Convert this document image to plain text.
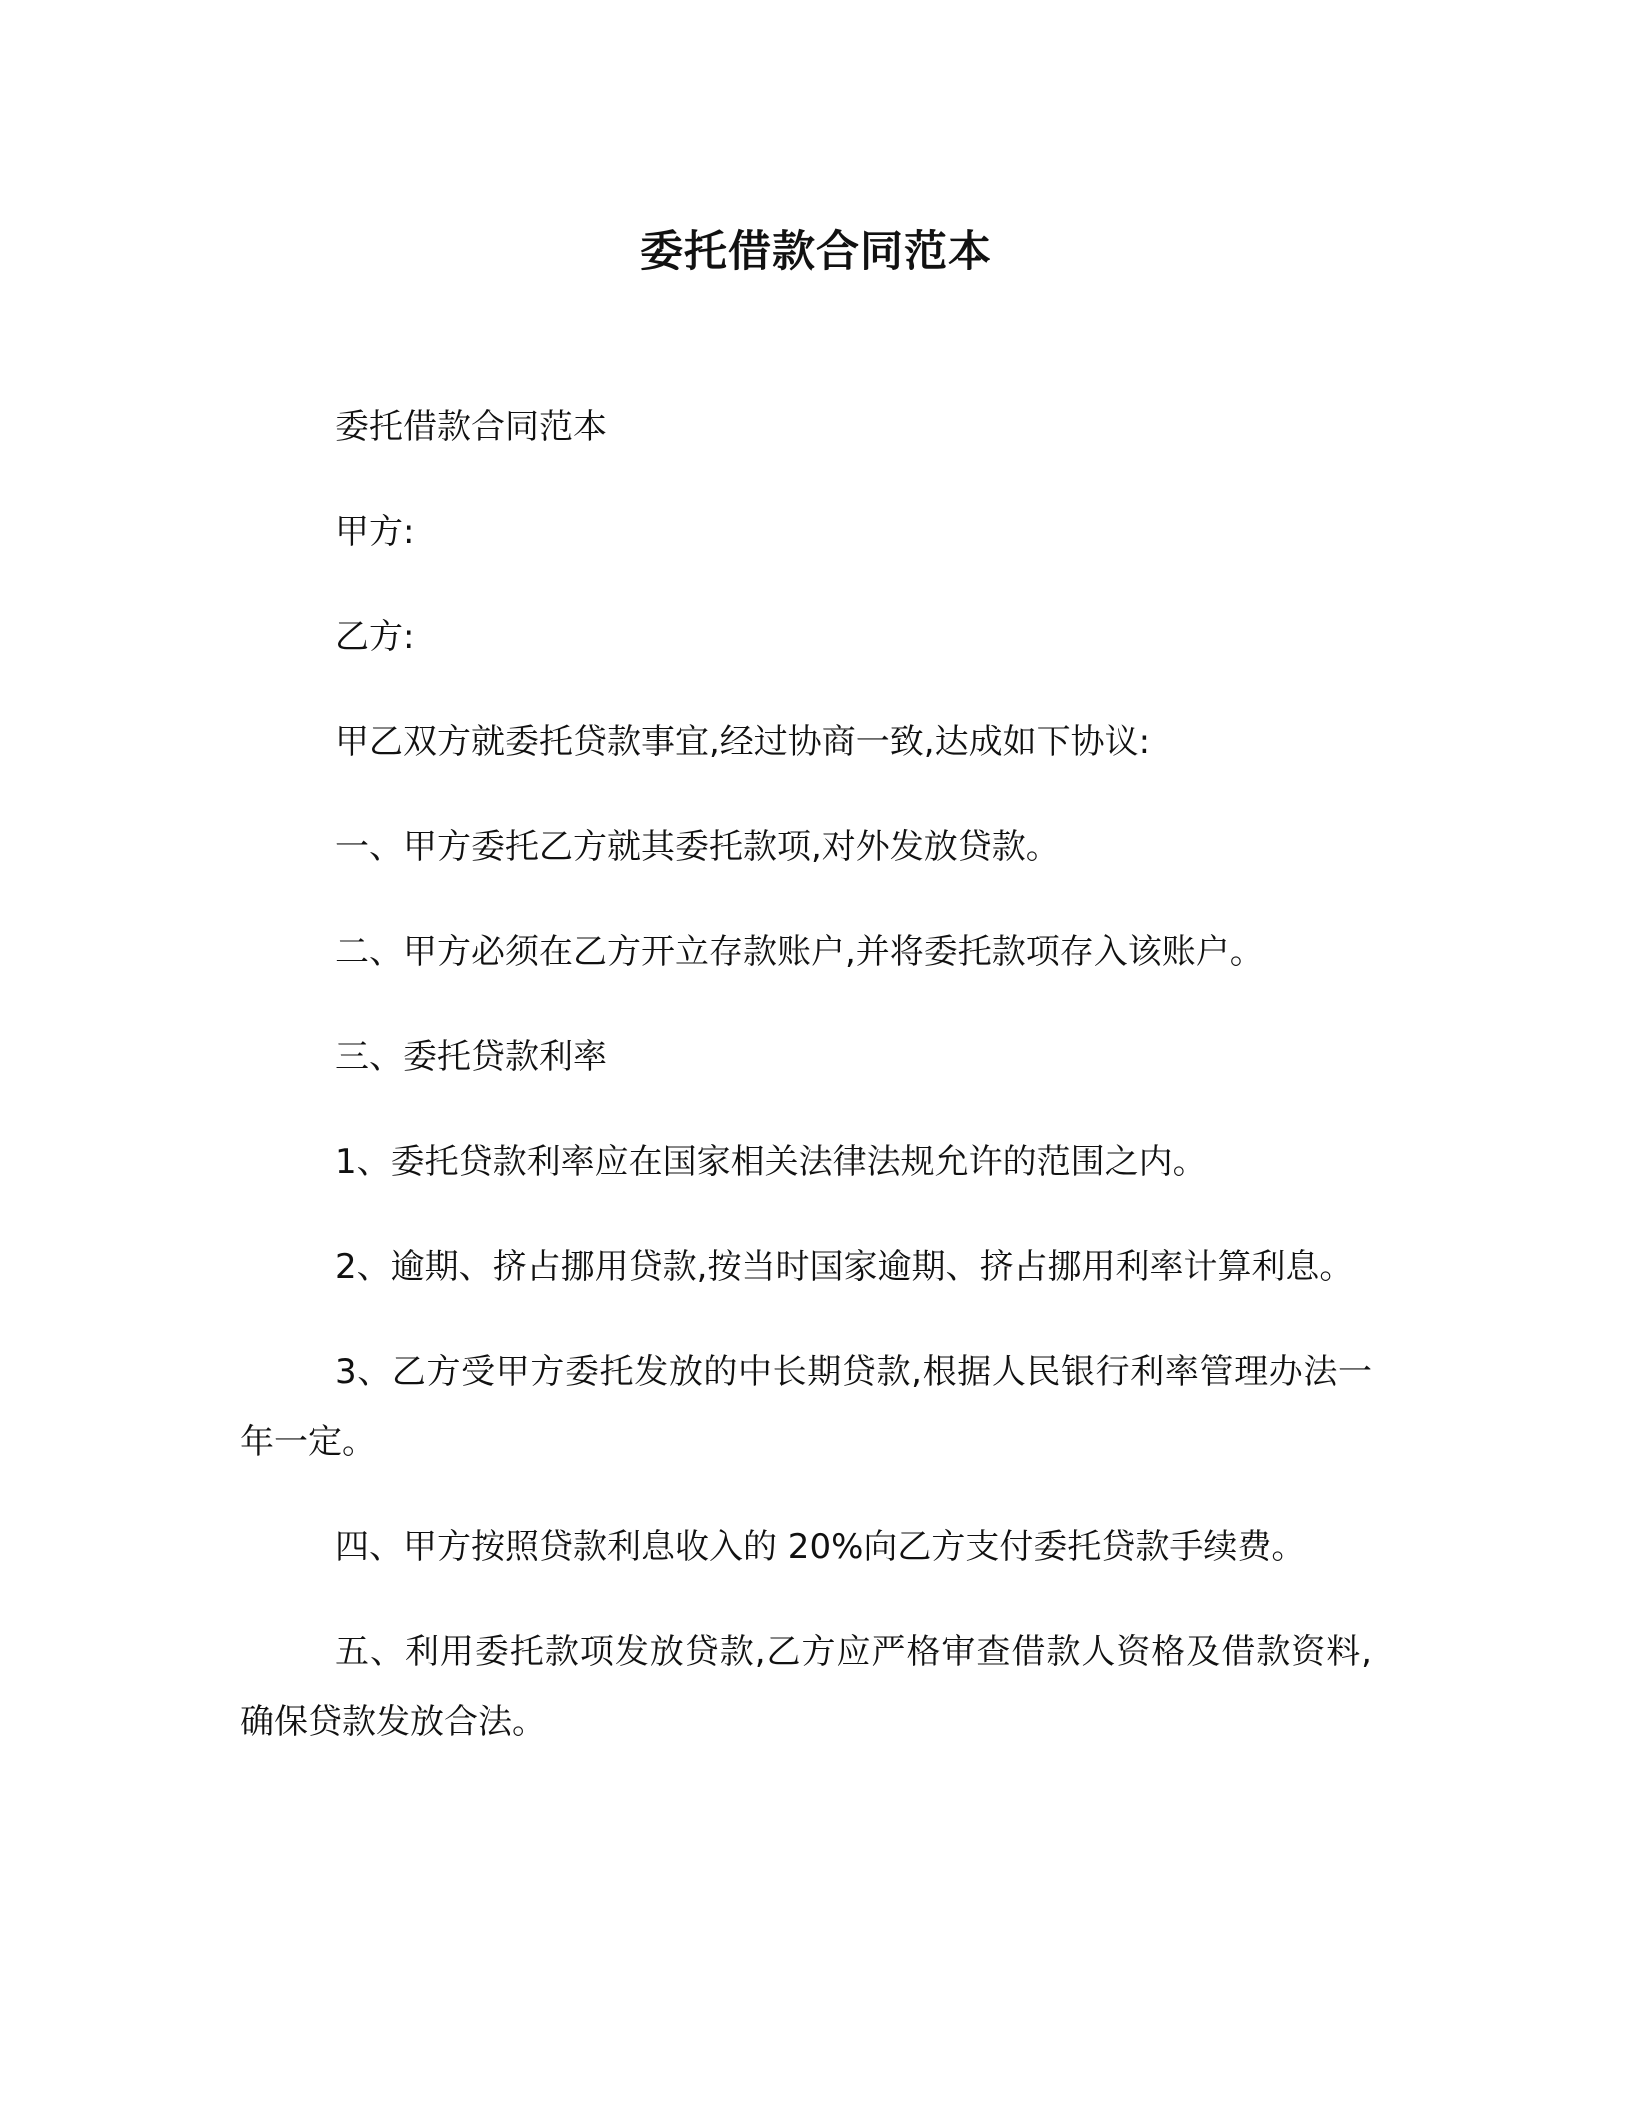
委托借款合同范本

委托借款合同范本

甲方:

乙方:

甲乙双方就委托贷款事宜,经过协商一致,达成如下协议:

一、甲方委托乙方就其委托款项,对外发放贷款。

二、甲方必须在乙方开立存款账户,并将委托款项存入该账户。

三、委托贷款利率

1、委托贷款利率应在国家相关法律法规允许的范围之内。

2、逾期、挤占挪用贷款,按当时国家逾期、挤占挪用利率计算利息。

3、乙方受甲方委托发放的中长期贷款,根据人民银行利率管理办法一年一定。

四、甲方按照贷款利息收入的 20%向乙方支付委托贷款手续费。

五、利用委托款项发放贷款,乙方应严格审查借款人资格及借款资料,确保贷款发放合法。
